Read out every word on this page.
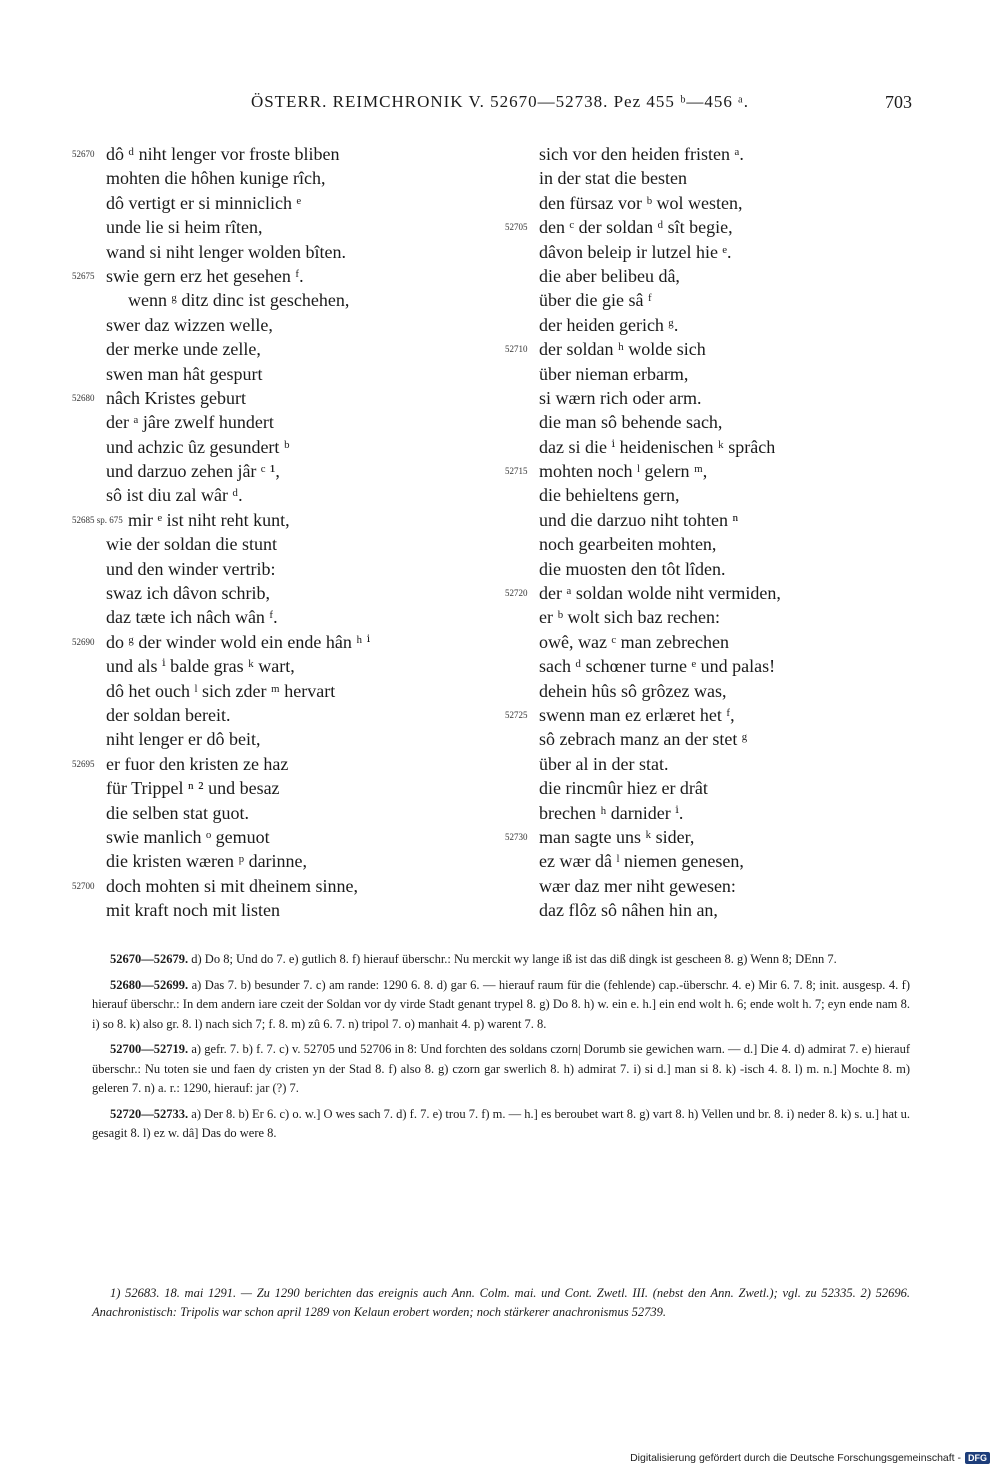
ÖSTERR. REIMCHRONIK V. 52670—52738. Pez 455 ᵇ—456 ᵃ.	703
52670 dô ᵈ niht lenger vor froste bliben
mohten die hôhen kunige rîch,
dô vertigt er si minniclich ᵉ
unde lie si heim rîten,
wand si niht lenger wolden bîten.
52675 swie gern erz het gesehen ᶠ.
wenn ᵍ ditz dinc ist geschehen,
swer daz wizzen welle,
der merke unde zelle,
swen man hât gespurt
52680 nâch Kristes geburt
der ᵃ jâre zwelf hundert
und achzic ûz gesundert ᵇ
und darzuo zehen jâr ᶜ ¹,
sô ist diu zal wâr ᵈ.
52685 sp. 675 mir ᵉ ist niht reht kunt,
wie der soldan die stunt
und den winder vertrib:
swaz ich dâvon schrib,
daz tæte ich nâch wân ᶠ.
52690 do ᵍ der winder wold ein ende hân ʰ ⁱ
und als ⁱ balde gras ᵏ wart,
dô het ouch ˡ sich zder ᵐ hervart
der soldan bereit.
niht lenger er dô beit,
52695 er fuor den kristen ze haz
für Trippel ⁿ ² und besaz
die selben stat guot.
swie manlich ᵒ gemuot
die kristen wæren ᵖ darinne,
52700 doch mohten si mit dheinem sinne,
mit kraft noch mit listen
sich vor den heiden fristen ᵃ.
in der stat die besten
den fürsaz vor ᵇ wol westen,
52705 den ᶜ der soldan ᵈ sît begie,
dâvon beleip ir lutzel hie ᵉ.
die aber belibeu dâ,
über die gie sâ ᶠ
der heiden gerich ᵍ.
52710 der soldan ʰ wolde sich
über nieman erbarm,
si wærn rich oder arm.
die man sô behende sach,
daz si die ⁱ heidenischen ᵏ sprâch
52715 mohten noch ˡ gelern ᵐ,
die behieltens gern,
und die darzuo niht tohten ⁿ
noch gearbeiten mohten,
die muosten den tôt lîden.
52720 der ᵃ soldan wolde niht vermiden,
er ᵇ wolt sich baz rechen:
owê, waz ᶜ man zebrechen
sach ᵈ schœner turne ᵉ und palas!
dehein hûs sô grôzez was,
52725 swenn man ez erlæret het ᶠ,
sô zebrach manz an der stet ᵍ
über al in der stat.
die rincmûr hiez er drât
brechen ʰ darnider ⁱ.
52730 man sagte uns ᵏ sider,
ez wær dâ ˡ niemen genesen,
wær daz mer niht gewesen:
daz flôz sô nâhen hin an,
52670—52679. d) Do 8; Und do 7. e) gutlich 8. f) hierauf überschr.: Nu merckit wy lange iß ist das diß dingk ist gescheen 8. g) Wenn 8; DEnn 7.
52680—52699. a) Das 7. b) besunder 7. c) am rande: 1290 6. 8. d) gar 6. — hierauf raum für die (fehlende) cap.-überschr. 4. e) Mir 6. 7. 8; init. ausgesp. 4. f) hierauf überschr.: In dem andern iare czeit der Soldan vor dy virde Stadt genant trypel 8. g) Do 8. h) w. ein e. h.] ein end wolt h. 6; ende wolt h. 7; eyn ende nam 8. i) so 8. k) also gr. 8. l) nach sich 7; f. 8. m) zû 6. 7. n) tripol 7. o) manhait 4. p) warent 7. 8.
52700—52719. a) gefr. 7. b) f. 7. c) v. 52705 und 52706 in 8: Und forchten des soldans czorn| Dorumb sie gewichen warn. — d.] Die 4. d) admirat 7. e) hierauf überschr.: Nu toten sie und faen dy cristen yn der Stad 8. f) also 8. g) czorn gar swerlich 8. h) admirat 7. i) si d.] man si 8. k) -isch 4. 8. l) m. n.] Mochte 8. m) geleren 7. n) a. r.: 1290, hierauf: jar (?) 7.
52720—52733. a) Der 8. b) Er 6. c) o. w.] O wes sach 7. d) f. 7. e) trou 7. f) m. — h.] es beroubet wart 8. g) vart 8. h) Vellen und br. 8. i) neder 8. k) s. u.] hat u. gesagit 8. l) ez w. dâ] Das do were 8.
1) 52683. 18. mai 1291. — Zu 1290 berichten das ereignis auch Ann. Colm. mai. und Cont. Zwetl. III. (nebst den Ann. Zwetl.); vgl. zu 52335. 2) 52696. Anachronistisch: Tripolis war schon april 1289 von Kelaun erobert worden; noch stärkerer anachronismus 52739.
Digitalisierung gefördert durch die Deutsche Forschungsgemeinschaft - DFG
